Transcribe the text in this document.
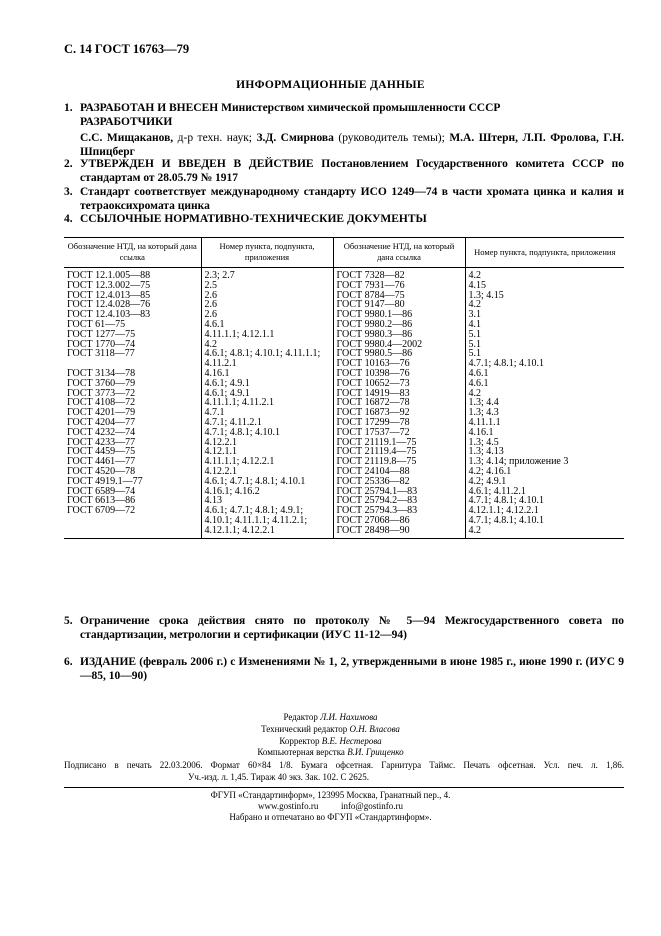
С. 14 ГОСТ 16763—79
ИНФОРМАЦИОННЫЕ ДАННЫЕ
1. РАЗРАБОТАН И ВНЕСЕН Министерством химической промышленности СССР
РАЗРАБОТЧИКИ
С.С. Мищаканов, д-р техн. наук; З.Д. Смирнова (руководитель темы); М.А. Штерн, Л.П. Фролова, Г.Н. Шпицберг
2. УТВЕРЖДЕН И ВВЕДЕН В ДЕЙСТВИЕ Постановлением Государственного комитета СССР по стандартам от 28.05.79 № 1917
3. Стандарт соответствует международному стандарту ИСО 1249—74 в части хромата цинка и калия и тетраоксихромата цинка
4. ССЫЛОЧНЫЕ НОРМАТИВНО-ТЕХНИЧЕСКИЕ ДОКУМЕНТЫ
Обозначение НТД, на который дана ссылка	Номер пункта, подпункта, приложения	Обозначение НТД, на который дана ссылка	Номер пункта, подпункта, приложения
ГОСТ 12.1.005—88	2.3; 2.7	ГОСТ 7328—82	4.2
ГОСТ 12.3.002—75	2.5	ГОСТ 7931—76	4.15
ГОСТ 12.4.013—85	2.6	ГОСТ 8784—75	1.3; 4.15
ГОСТ 12.4.028—76	2.6	ГОСТ 9147—80	4.2
ГОСТ 12.4.103—83	2.6	ГОСТ 9980.1—86	3.1
ГОСТ 61—75	4.6.1	ГОСТ 9980.2—86	4.1
ГОСТ 1277—75	4.11.1.1; 4.12.1.1	ГОСТ 9980.3—86	5.1
ГОСТ 1770—74	4.2	ГОСТ 9980.4—2002	5.1
ГОСТ 3118—77	4.6.1; 4.8.1; 4.10.1; 4.11.1.1;	ГОСТ 9980.5—86	5.1
	4.11.2.1	ГОСТ 10163—76	4.7.1; 4.8.1; 4.10.1
ГОСТ 3134—78	4.16.1	ГОСТ 10398—76	4.6.1
ГОСТ 3760—79	4.6.1; 4.9.1	ГОСТ 10652—73	4.6.1
ГОСТ 3773—72	4.6.1; 4.9.1	ГОСТ 14919—83	4.2
ГОСТ 4108—72	4.11.1.1; 4.11.2.1	ГОСТ 16872—78	1.3; 4.4
ГОСТ 4201—79	4.7.1	ГОСТ 16873—92	1.3; 4.3
ГОСТ 4204—77	4.7.1; 4.11.2.1	ГОСТ 17299—78	4.11.1.1
ГОСТ 4232—74	4.7.1; 4.8.1; 4.10.1	ГОСТ 17537—72	4.16.1
ГОСТ 4233—77	4.12.2.1	ГОСТ 21119.1—75	1.3; 4.5
ГОСТ 4459—75	4.12.1.1	ГОСТ 21119.4—75	1.3; 4.13
ГОСТ 4461—77	4.11.1.1; 4.12.2.1	ГОСТ 21119.8—75	1.3; 4.14; приложение 3
ГОСТ 4520—78	4.12.2.1	ГОСТ 24104—88	4.2; 4.16.1
ГОСТ 4919.1—77	4.6.1; 4.7.1; 4.8.1; 4.10.1	ГОСТ 25336—82	4.2; 4.9.1
ГОСТ 6589—74	4.16.1; 4.16.2	ГОСТ 25794.1—83	4.6.1; 4.11.2.1
ГОСТ 6613—86	4.13	ГОСТ 25794.2—83	4.7.1; 4.8.1; 4.10.1
ГОСТ 6709—72	4.6.1; 4.7.1; 4.8.1; 4.9.1;	ГОСТ 25794.3—83	4.12.1.1; 4.12.2.1
	4.10.1; 4.11.1.1; 4.11.2.1;	ГОСТ 27068—86	4.7.1; 4.8.1; 4.10.1
	4.12.1.1; 4.12.2.1	ГОСТ 28498—90	4.2
5. Ограничение срока действия снято по протоколу № 5—94 Межгосударственного совета по стандартизации, метрологии и сертификации (ИУС 11-12—94)
6. ИЗДАНИЕ (февраль 2006 г.) с Изменениями № 1, 2, утвержденными в июне 1985 г., июне 1990 г. (ИУС 9—85, 10—90)
Редактор Л.И. Нахимова
Технический редактор О.Н. Власова
Корректор В.Е. Нестерова
Компьютерная верстка В.И. Грищенко
Подписано в печать 22.03.2006. Формат 60×84 1/8. Бумага офсетная. Гарнитура Таймс. Печать офсетная. Усл. печ. л. 1,86.
Уч.-изд. л. 1,45. Тираж 40 экз. Зак. 102. С 2625.
ФГУП «Стандартинформ», 123995 Москва, Гранатный пер., 4.
www.gostinfo.ru	info@gostinfo.ru
Набрано и отпечатано во ФГУП «Стандартинформ».
